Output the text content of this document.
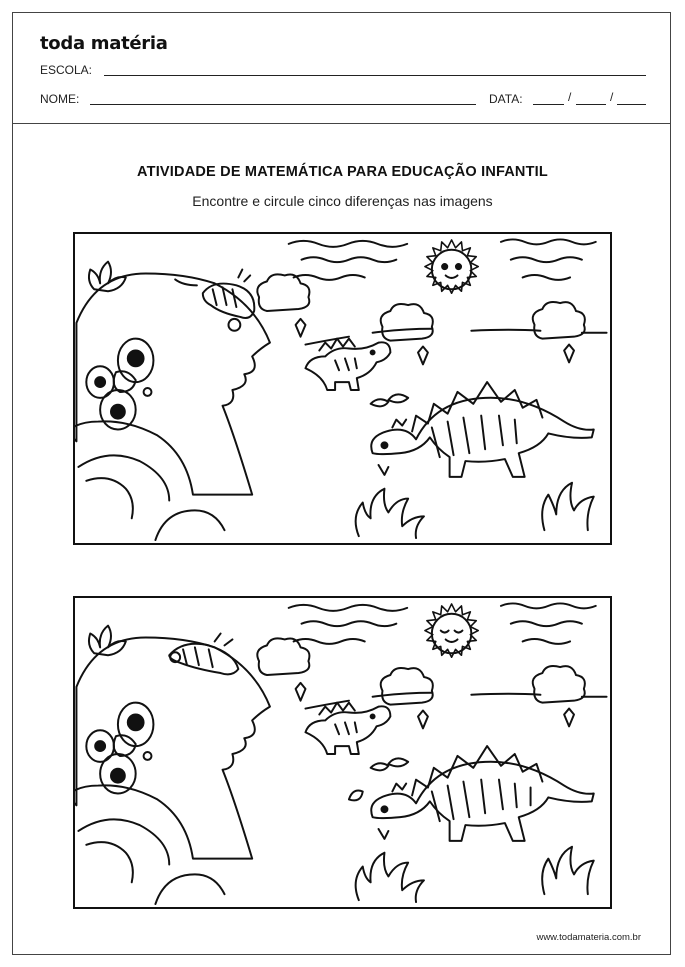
toda matéria
ESCOLA:
NOME:	DATA:	/	/
ATIVIDADE DE MATEMÁTICA PARA EDUCAÇÃO INFANTIL
Encontre e circule cinco diferenças nas imagens
www.todamateria.com.br
